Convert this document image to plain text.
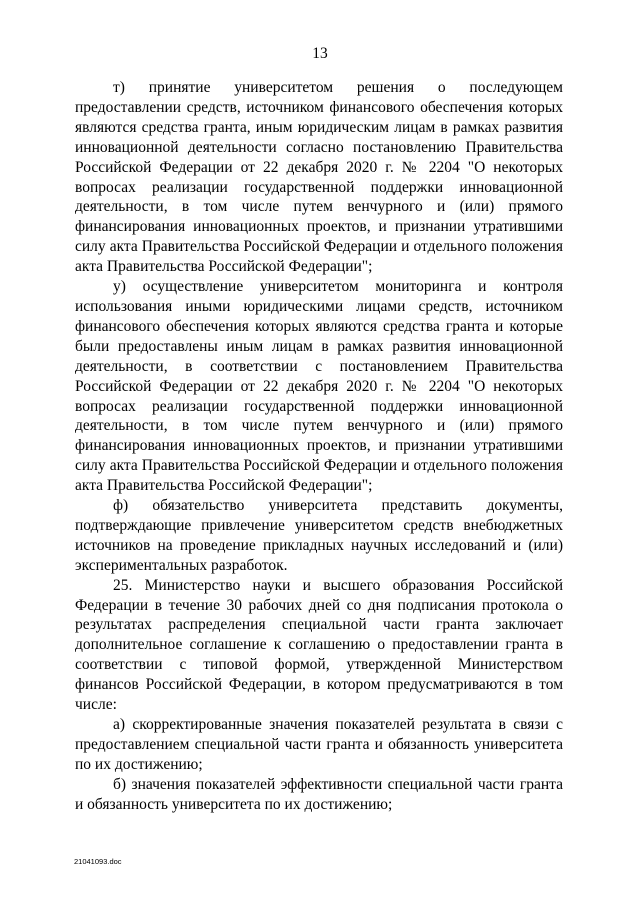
13

т) принятие университетом решения о последующем предоставлении средств, источником финансового обеспечения которых являются средства гранта, иным юридическим лицам в рамках развития инновационной деятельности согласно постановлению Правительства Российской Федерации от 22 декабря 2020 г. № 2204 "О некоторых вопросах реализации государственной поддержки инновационной деятельности, в том числе путем венчурного и (или) прямого финансирования инновационных проектов, и признании утратившими силу акта Правительства Российской Федерации и отдельного положения акта Правительства Российской Федерации";

у) осуществление университетом мониторинга и контроля использования иными юридическими лицами средств, источником финансового обеспечения которых являются средства гранта и которые были предоставлены иным лицам в рамках развития инновационной деятельности, в соответствии с постановлением Правительства Российской Федерации от 22 декабря 2020 г. № 2204 "О некоторых вопросах реализации государственной поддержки инновационной деятельности, в том числе путем венчурного и (или) прямого финансирования инновационных проектов, и признании утратившими силу акта Правительства Российской Федерации и отдельного положения акта Правительства Российской Федерации";

ф) обязательство университета представить документы, подтверждающие привлечение университетом средств внебюджетных источников на проведение прикладных научных исследований и (или) экспериментальных разработок.

25. Министерство науки и высшего образования Российской Федерации в течение 30 рабочих дней со дня подписания протокола о результатах распределения специальной части гранта заключает дополнительное соглашение к соглашению о предоставлении гранта в соответствии с типовой формой, утвержденной Министерством финансов Российской Федерации, в котором предусматриваются в том числе:

а) скорректированные значения показателей результата в связи с предоставлением специальной части гранта и обязанность университета по их достижению;

б) значения показателей эффективности специальной части гранта и обязанность университета по их достижению;

21041093.doc
